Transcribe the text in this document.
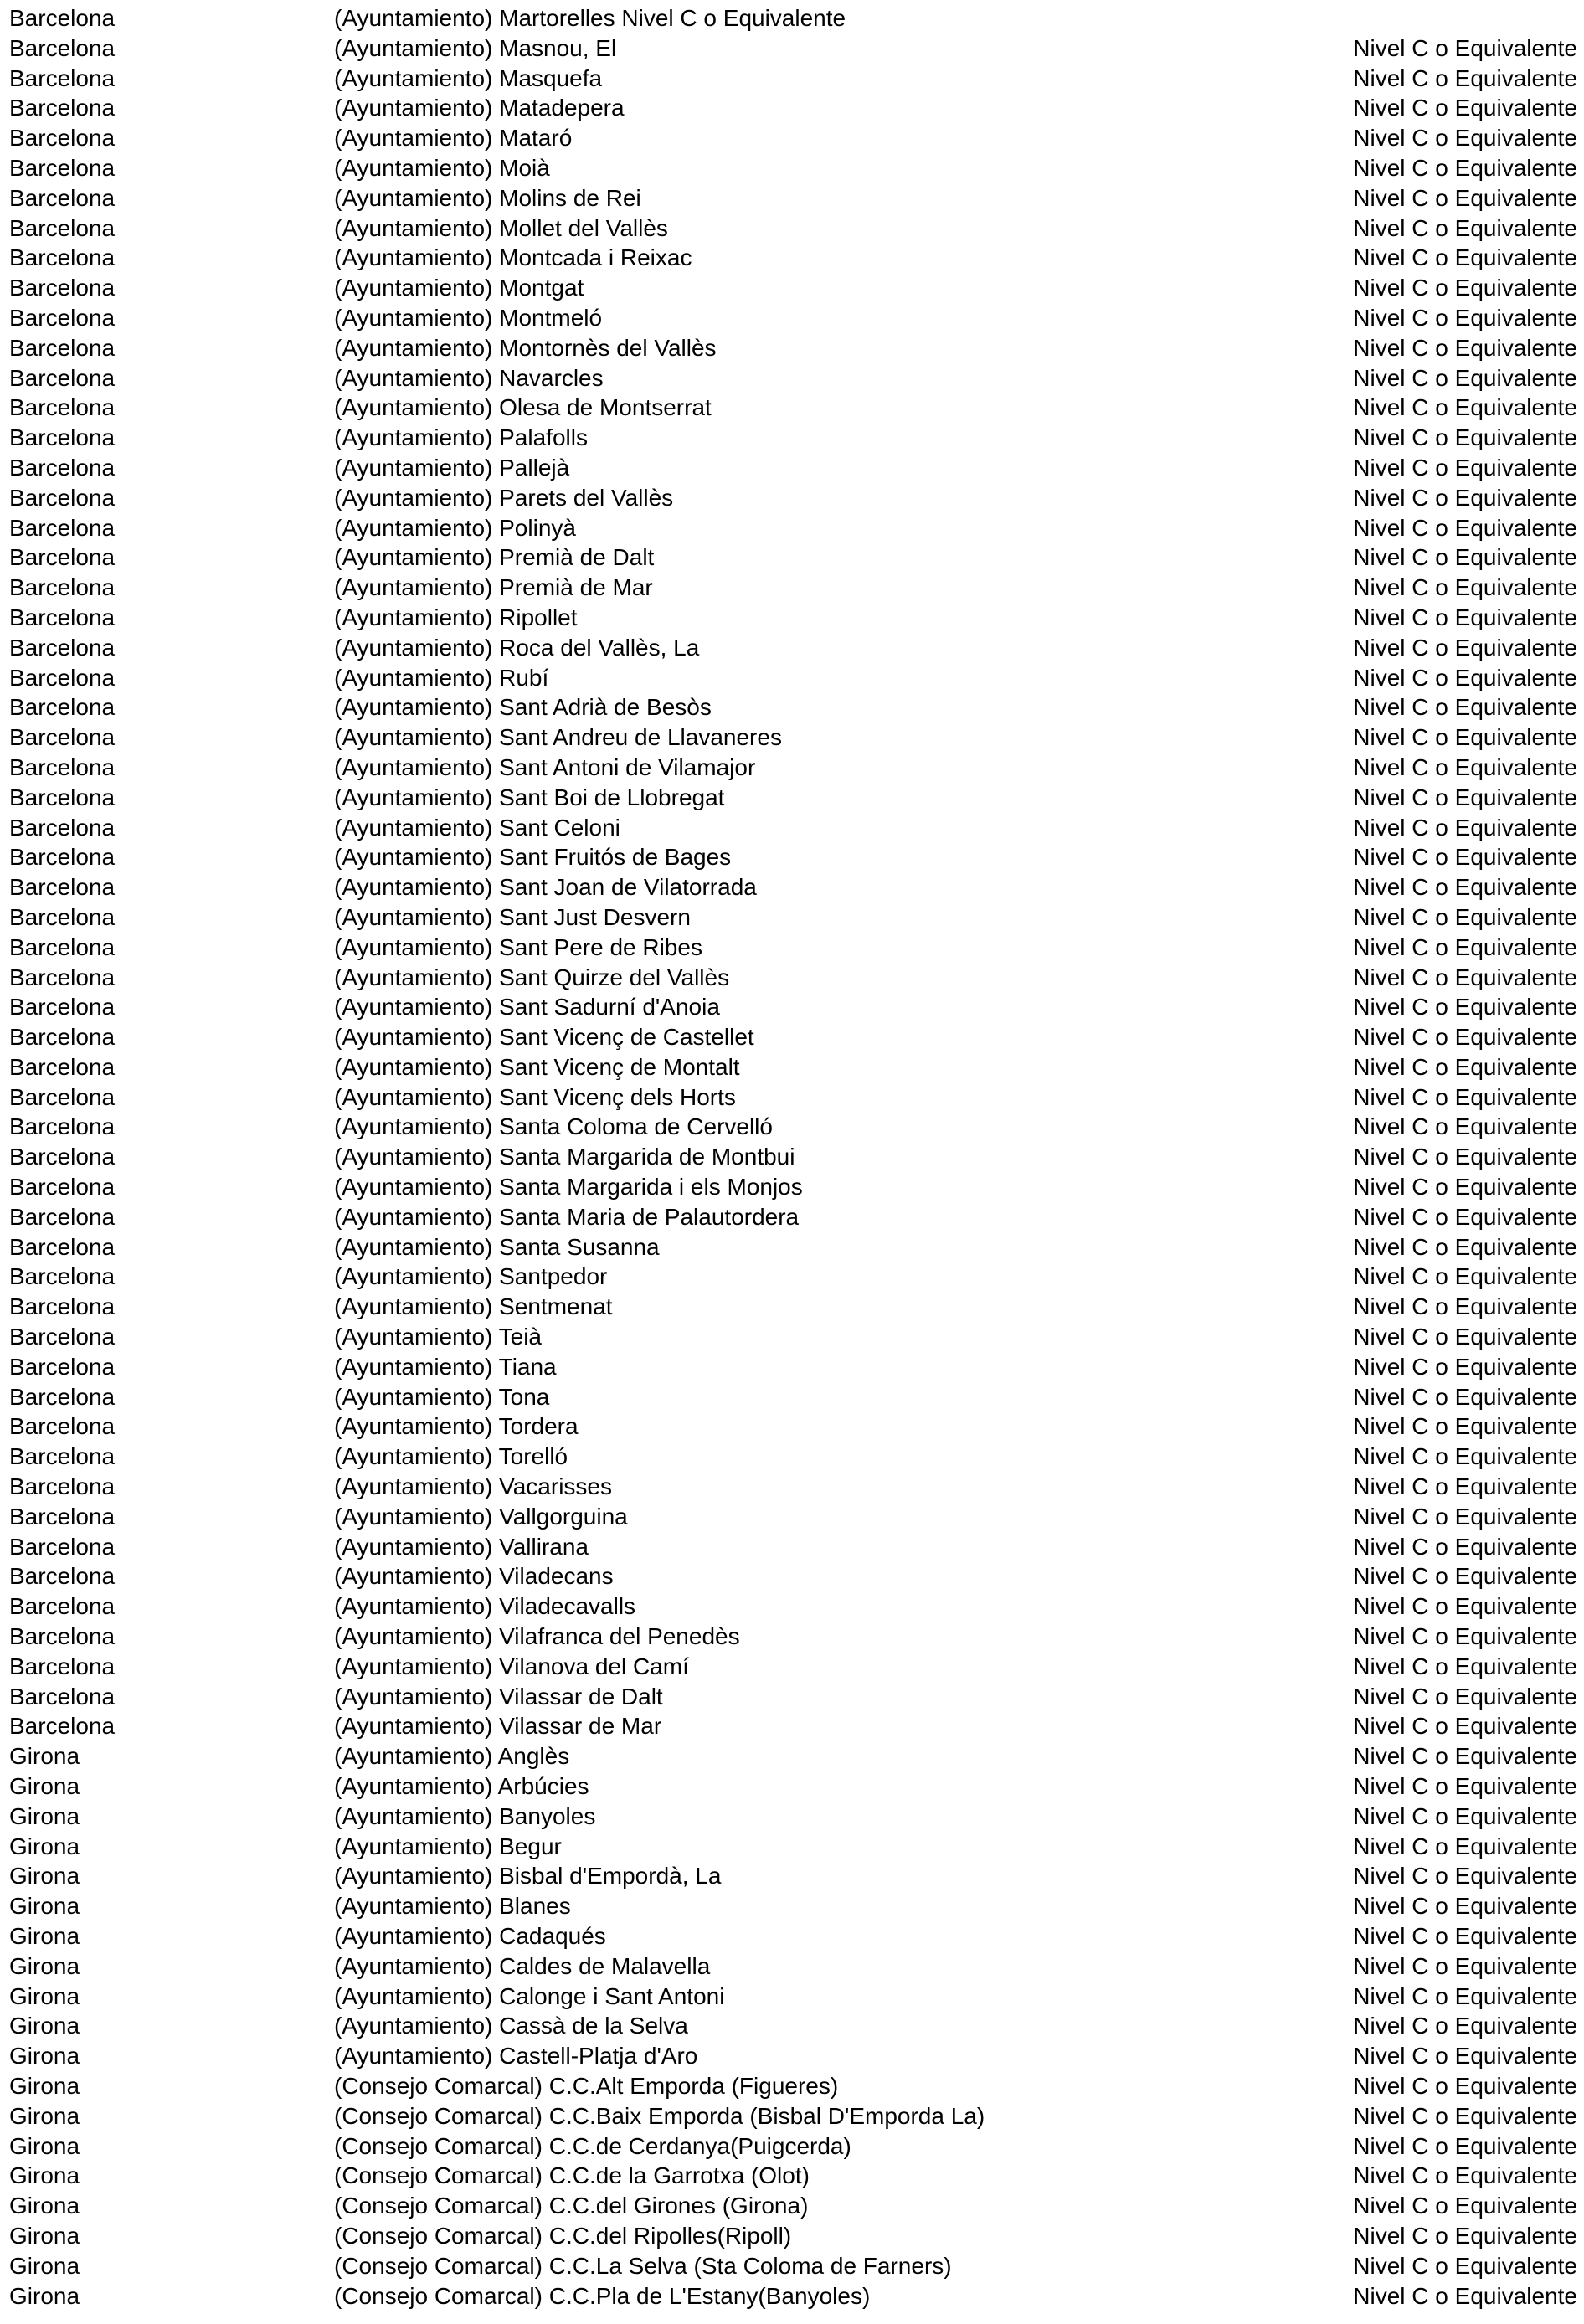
Barcelona	(Ayuntamiento) Martorelles Nivel C o Equivalente
Barcelona	(Ayuntamiento) Masnou, El	Nivel C o Equivalente
Barcelona	(Ayuntamiento) Masquefa	Nivel C o Equivalente
Barcelona	(Ayuntamiento) Matadepera	Nivel C o Equivalente
Barcelona	(Ayuntamiento) Mataró	Nivel C o Equivalente
Barcelona	(Ayuntamiento) Moià	Nivel C o Equivalente
Barcelona	(Ayuntamiento) Molins de Rei	Nivel C o Equivalente
Barcelona	(Ayuntamiento) Mollet del Vallès	Nivel C o Equivalente
Barcelona	(Ayuntamiento) Montcada i Reixac	Nivel C o Equivalente
Barcelona	(Ayuntamiento) Montgat	Nivel C o Equivalente
Barcelona	(Ayuntamiento) Montmeló	Nivel C o Equivalente
Barcelona	(Ayuntamiento) Montornès del Vallès	Nivel C o Equivalente
Barcelona	(Ayuntamiento) Navarcles	Nivel C o Equivalente
Barcelona	(Ayuntamiento) Olesa de Montserrat	Nivel C o Equivalente
Barcelona	(Ayuntamiento) Palafolls	Nivel C o Equivalente
Barcelona	(Ayuntamiento) Pallejà	Nivel C o Equivalente
Barcelona	(Ayuntamiento) Parets del Vallès	Nivel C o Equivalente
Barcelona	(Ayuntamiento) Polinyà	Nivel C o Equivalente
Barcelona	(Ayuntamiento) Premià de Dalt	Nivel C o Equivalente
Barcelona	(Ayuntamiento) Premià de Mar	Nivel C o Equivalente
Barcelona	(Ayuntamiento) Ripollet	Nivel C o Equivalente
Barcelona	(Ayuntamiento) Roca del Vallès, La	Nivel C o Equivalente
Barcelona	(Ayuntamiento) Rubí	Nivel C o Equivalente
Barcelona	(Ayuntamiento) Sant Adrià de Besòs	Nivel C o Equivalente
Barcelona	(Ayuntamiento) Sant Andreu de Llavaneres	Nivel C o Equivalente
Barcelona	(Ayuntamiento) Sant Antoni de Vilamajor	Nivel C o Equivalente
Barcelona	(Ayuntamiento) Sant Boi de Llobregat	Nivel C o Equivalente
Barcelona	(Ayuntamiento) Sant Celoni	Nivel C o Equivalente
Barcelona	(Ayuntamiento) Sant Fruitós de Bages	Nivel C o Equivalente
Barcelona	(Ayuntamiento) Sant Joan de Vilatorrada	Nivel C o Equivalente
Barcelona	(Ayuntamiento) Sant Just Desvern	Nivel C o Equivalente
Barcelona	(Ayuntamiento) Sant Pere de Ribes	Nivel C o Equivalente
Barcelona	(Ayuntamiento) Sant Quirze del Vallès	Nivel C o Equivalente
Barcelona	(Ayuntamiento) Sant Sadurní d'Anoia	Nivel C o Equivalente
Barcelona	(Ayuntamiento) Sant Vicenç de Castellet	Nivel C o Equivalente
Barcelona	(Ayuntamiento) Sant Vicenç de Montalt	Nivel C o Equivalente
Barcelona	(Ayuntamiento) Sant Vicenç dels Horts	Nivel C o Equivalente
Barcelona	(Ayuntamiento) Santa Coloma de Cervelló	Nivel C o Equivalente
Barcelona	(Ayuntamiento) Santa Margarida de Montbui	Nivel C o Equivalente
Barcelona	(Ayuntamiento) Santa Margarida i els Monjos	Nivel C o Equivalente
Barcelona	(Ayuntamiento) Santa Maria de Palautordera	Nivel C o Equivalente
Barcelona	(Ayuntamiento) Santa Susanna	Nivel C o Equivalente
Barcelona	(Ayuntamiento) Santpedor	Nivel C o Equivalente
Barcelona	(Ayuntamiento) Sentmenat	Nivel C o Equivalente
Barcelona	(Ayuntamiento) Teià	Nivel C o Equivalente
Barcelona	(Ayuntamiento) Tiana	Nivel C o Equivalente
Barcelona	(Ayuntamiento) Tona	Nivel C o Equivalente
Barcelona	(Ayuntamiento) Tordera	Nivel C o Equivalente
Barcelona	(Ayuntamiento) Torelló	Nivel C o Equivalente
Barcelona	(Ayuntamiento) Vacarisses	Nivel C o Equivalente
Barcelona	(Ayuntamiento) Vallgorguina	Nivel C o Equivalente
Barcelona	(Ayuntamiento) Vallirana	Nivel C o Equivalente
Barcelona	(Ayuntamiento) Viladecans	Nivel C o Equivalente
Barcelona	(Ayuntamiento) Viladecavalls	Nivel C o Equivalente
Barcelona	(Ayuntamiento) Vilafranca del Penedès	Nivel C o Equivalente
Barcelona	(Ayuntamiento) Vilanova del Camí	Nivel C o Equivalente
Barcelona	(Ayuntamiento) Vilassar de Dalt	Nivel C o Equivalente
Barcelona	(Ayuntamiento) Vilassar de Mar	Nivel C o Equivalente
Girona	(Ayuntamiento) Anglès	Nivel C o Equivalente
Girona	(Ayuntamiento) Arbúcies	Nivel C o Equivalente
Girona	(Ayuntamiento) Banyoles	Nivel C o Equivalente
Girona	(Ayuntamiento) Begur	Nivel C o Equivalente
Girona	(Ayuntamiento) Bisbal d'Empordà, La	Nivel C o Equivalente
Girona	(Ayuntamiento) Blanes	Nivel C o Equivalente
Girona	(Ayuntamiento) Cadaqués	Nivel C o Equivalente
Girona	(Ayuntamiento) Caldes de Malavella	Nivel C o Equivalente
Girona	(Ayuntamiento) Calonge i Sant Antoni	Nivel C o Equivalente
Girona	(Ayuntamiento) Cassà de la Selva	Nivel C o Equivalente
Girona	(Ayuntamiento) Castell-Platja d'Aro	Nivel C o Equivalente
Girona	(Consejo Comarcal) C.C.Alt Emporda (Figueres)	Nivel C o Equivalente
Girona	(Consejo Comarcal) C.C.Baix Emporda (Bisbal D'Emporda La)	Nivel C o Equivalente
Girona	(Consejo Comarcal) C.C.de Cerdanya(Puigcerda)	Nivel C o Equivalente
Girona	(Consejo Comarcal) C.C.de la Garrotxa (Olot)	Nivel C o Equivalente
Girona	(Consejo Comarcal) C.C.del Girones (Girona)	Nivel C o Equivalente
Girona	(Consejo Comarcal) C.C.del Ripolles(Ripoll)	Nivel C o Equivalente
Girona	(Consejo Comarcal) C.C.La Selva (Sta Coloma de Farners)	Nivel C o Equivalente
Girona	(Consejo Comarcal) C.C.Pla de L'Estany(Banyoles)	Nivel C o Equivalente
